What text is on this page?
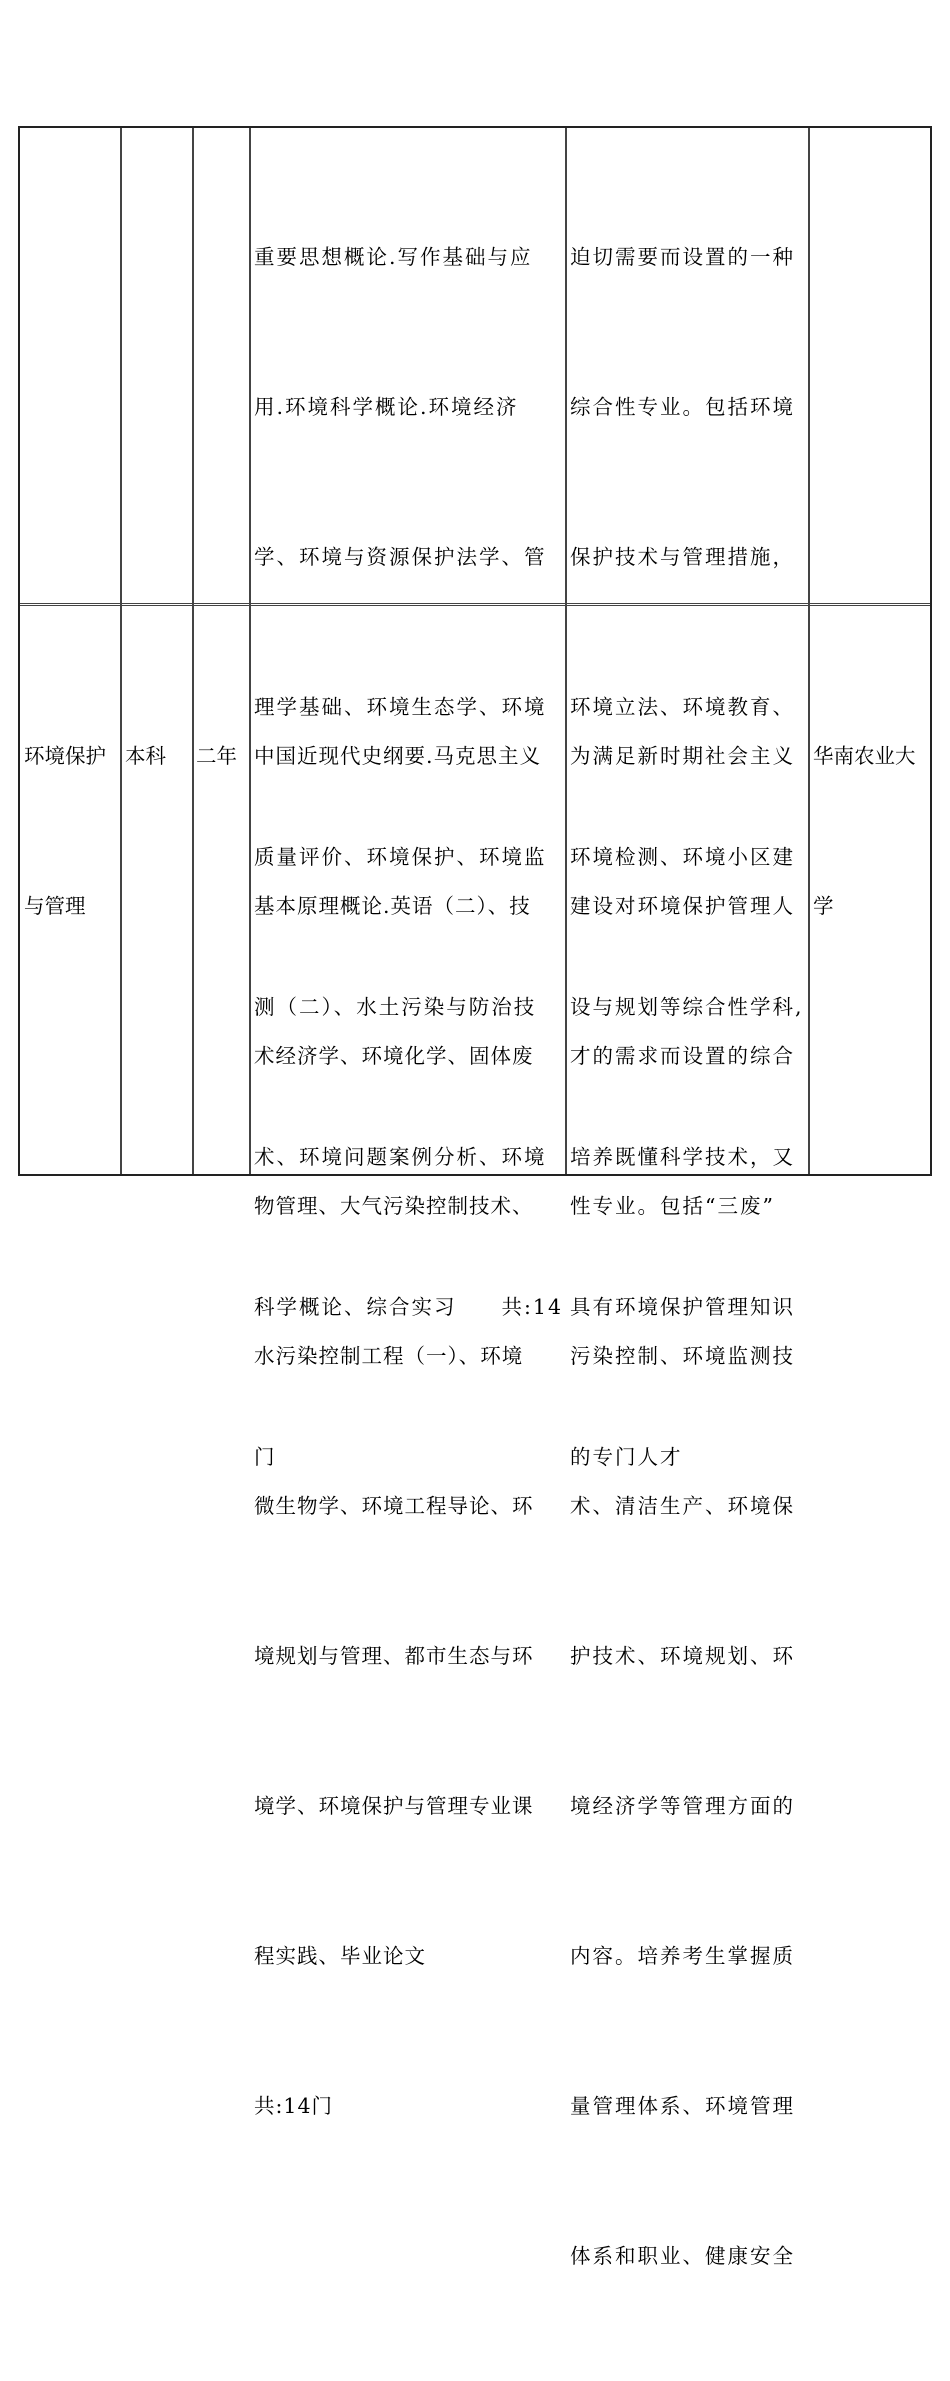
重要思想概论.写作基础与应

用.环境科学概论.环境经济

学、环境与资源保护法学、管

理学基础、环境生态学、环境

质量评价、环境保护、环境监

测（二）、水土污染与防治技

术、环境问题案例分析、环境

科学概论、综合实习　　共:14

门

迫切需要而设置的一种

综合性专业。包括环境

保护技术与管理措施，

环境立法、环境教育、

环境检测、环境小区建

设与规划等综合性学科,

培养既懂科学技术，又

具有环境保护管理知识

的专门人才

环境保护

与管理

本科

	二年

中国近现代史纲要.马克思主义

基本原理概论.英语（二）、技

术经济学、环境化学、固体废

物管理、大气污染控制技术、

水污染控制工程（一）、环境

微生物学、环境工程导论、环

境规划与管理、都市生态与环

境学、环境保护与管理专业课

程实践、毕业论文

共:14门

为满足新时期社会主义

建设对环境保护管理人

才的需求而设置的综合

性专业。包括“三废”

污染控制、环境监测技

术、清洁生产、环境保

护技术、环境规划、环

境经济学等管理方面的

内容。培养考生掌握质

量管理体系、环境管理

体系和职业、健康安全

华南农业大

学
